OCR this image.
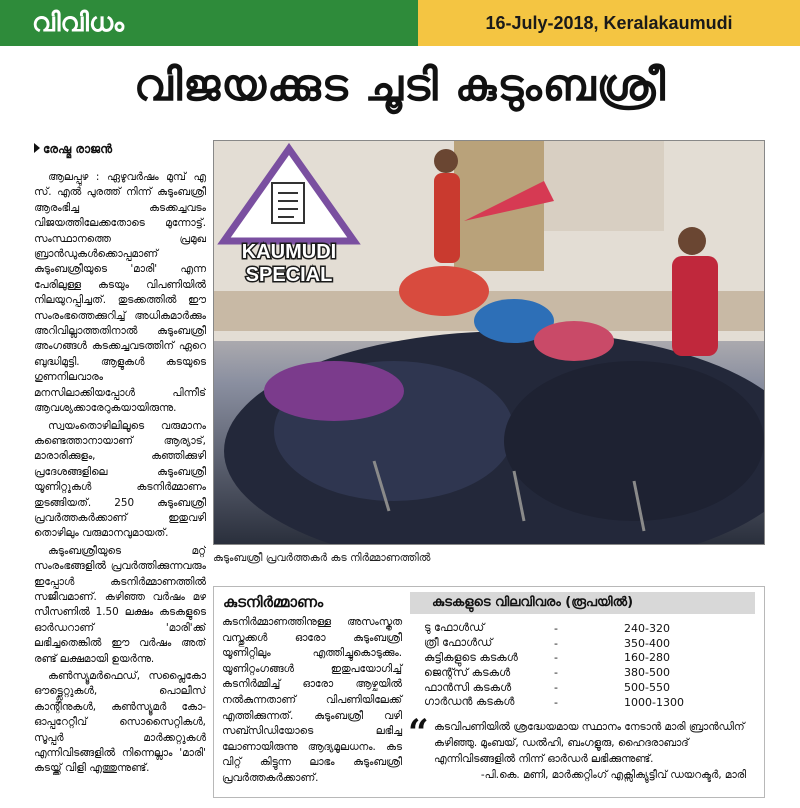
വിവിധം	16-July-2018, Keralakaumudi
വിജയക്കുട ചൂടി കുടുംബശ്രീ
രേഷ്മ രാജൻ

ആലപ്പുഴ : ഏഴുവർഷം മുമ്പ് എ സ്. എൽ പുരത്ത് നിന്ന് കുടുംബശ്രീ ആരംഭിച്ച കടക്കച്ചവടം വിജയത്തിലേക്കതോടെ മുന്നോട്ട്. സംസ്ഥാനത്തെ പ്രമുഖ ബ്രാൻഡുകൾക്കൊപ്പമാണ് കുടുംബശ്രീയുടെ 'മാരി' എന്ന പേരിലുള്ള കടയും വിപണിയിൽ നിലയുറപ്പിച്ചത്. തുടക്കത്തിൽ ഈ സംരംഭത്തെക്കുറിച്ച് അധികമാർക്കും അറിവില്ലാത്തതിനാൽ കുടുംബശ്രീ അംഗങ്ങൾ കടക്കച്ചവടത്തിന് ഏറെ ബുദ്ധിമുട്ടി. ആളുകൾ കടയുടെ ഗുണനിലവാരം മനസിലാക്കിയപ്പോൾ പിന്നീട് ആവശ്യക്കാരേറുകയായിരുന്നു.

സ്വയംതൊഴിലിലൂടെ വരുമാനം കണ്ടെത്താനായാണ് ആര്യാട്, മാരാരിക്കുളം, കഞ്ഞിക്കുഴി പ്രദേശങ്ങളിലെ കുടുംബശ്രീ യൂണിറ്റുകൾ കടനിർമ്മാണം തുടങ്ങിയത്. 250 കുടുംബശ്രീ പ്രവർത്തകർക്കാണ് ഇതുവഴി തൊഴിലും വരുമാനവുമായത്.

കുടുംബശ്രീയുടെ മറ്റ് സംരംഭങ്ങളിൽ പ്രവർത്തിക്കുന്നവരും ഇപ്പോൾ കടനിർമ്മാണത്തിൽ സജീവമാണ്. കഴിഞ്ഞ വർഷം മഴ സീസണിൽ 1.50 ലക്ഷം കടകളുടെ ഓർഡറാണ് 'മാരി'ക്ക് ലഭിച്ചതെങ്കിൽ ഈ വർഷം അത് രണ്ട് ലക്ഷമായി ഉയർന്നു.

കൺസ്യൂമർഫെഡ്, സപ്ലൈകോ ഔട്ട്ലെറ്റുകൾ, പൊലീസ് കാന്റീനുകൾ, കൺസ്യൂമർ കോ-ഓപ്പറേറ്റീവ് സൊസൈറ്റികൾ, സൂപ്പർ മാർക്കറ്റുകൾ എന്നിവിടങ്ങളിൽ നിന്നെല്ലാം 'മാരി' കടയ്ക്ക് വിളി എത്തുന്നുണ്ട്.

KAUMUDI
SPECIAL
കുടുംബശ്രീ പ്രവർത്തകർ കട നിർമ്മാണത്തിൽ
കുടനിർമ്മാണം
കുടനിർമ്മാണത്തിനുള്ള അസംസ്കൃത വസ്തുക്കൾ ഓരോ കുടുംബശ്രീ യൂണിറ്റിലും എത്തിച്ചുകൊടുക്കും. യൂണിറ്റംഗങ്ങൾ ഇതുപയോഗിച്ച് കടനിർമ്മിച്ച് ഓരോ ആഴ്ചയിൽ നൽകുന്നതാണ് വിപണിയിലേക്ക് എത്തിക്കുന്നത്. കുടുംബശ്രീ വഴി സബ്സിഡിയോടെ ലഭിച്ച ലോണായിരുന്നു ആദ്യമൂലധനം. കട വിറ്റ് കിട്ടുന്ന ലാഭം കുടുംബശ്രീ പ്രവർത്തകർക്കാണ്.
കുടകളുടെ വിലവിവരം (രൂപയിൽ)
ടു ഫോൾഡ്	-	240-320
ത്രീ ഫോൾഡ്	-	350-400
കുട്ടികളുടെ കടകൾ	-	160-280
ജെന്റ്സ് കടകൾ	-	380-500
ഫാൻസി കടകൾ	-	500-550
ഗാർഡൻ കടകൾ	-	1000-1300
“ കടവിപണിയിൽ ശ്രദ്ധേയമായ സ്ഥാനം നേടാൻ മാരി ബ്രാൻഡിന് കഴിഞ്ഞു. മുംബയ്, ഡൽഹി, ബംഗളൂരു, ഹൈദരാബാദ് എന്നിവിടങ്ങളിൽ നിന്ന് ഓർഡർ ലഭിക്കുന്നുണ്ട്.
-പി.കെ. മണി, മാർക്കറ്റിംഗ് എക്സിക്യുട്ടീവ് ഡയറക്ടർ, മാരി
